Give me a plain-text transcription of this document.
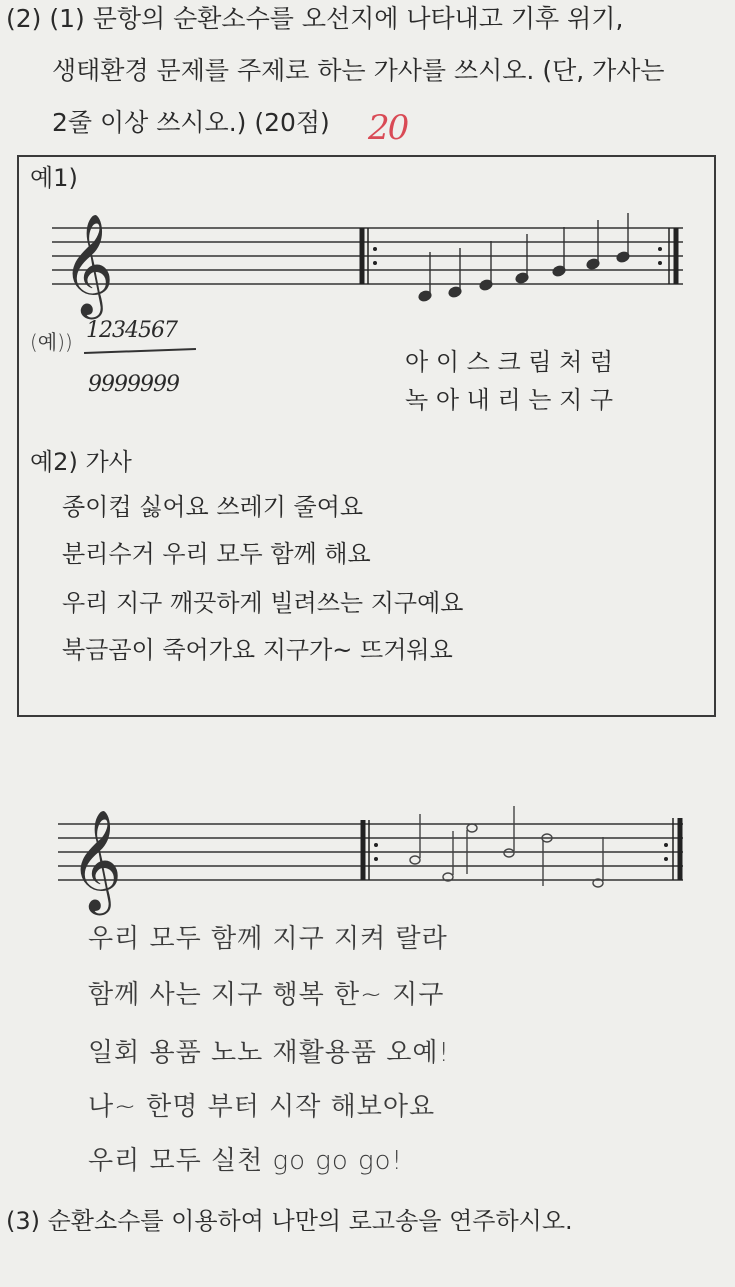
(2) (1) 문항의 순환소수를 오선지에 나타내고 기후 위기,
생태환경 문제를 주제로 하는 가사를 쓰시오. (단, 가사는
2줄 이상 쓰시오.) (20점) 20
예1)
𝄞
(예)) 1234567
9999999
아 이 스 크 림 처 럼
녹 아 내 리 는 지 구
예2) 가사
종이컵 싫어요 쓰레기 줄여요
분리수거 우리 모두 함께 해요
우리 지구 깨끗하게 빌려쓰는 지구예요
북금곰이 죽어가요 지구가~ 뜨거워요
𝄞
우리 모두 함께 지구 지켜 랄라
함께 사는 지구 행복 한~ 지구
일회 용품 노노 재활용품 오예!
나~ 한명 부터 시작 해보아요
우리 모두 실천 go go go!
(3) 순환소수를 이용하여 나만의 로고송을 연주하시오.
